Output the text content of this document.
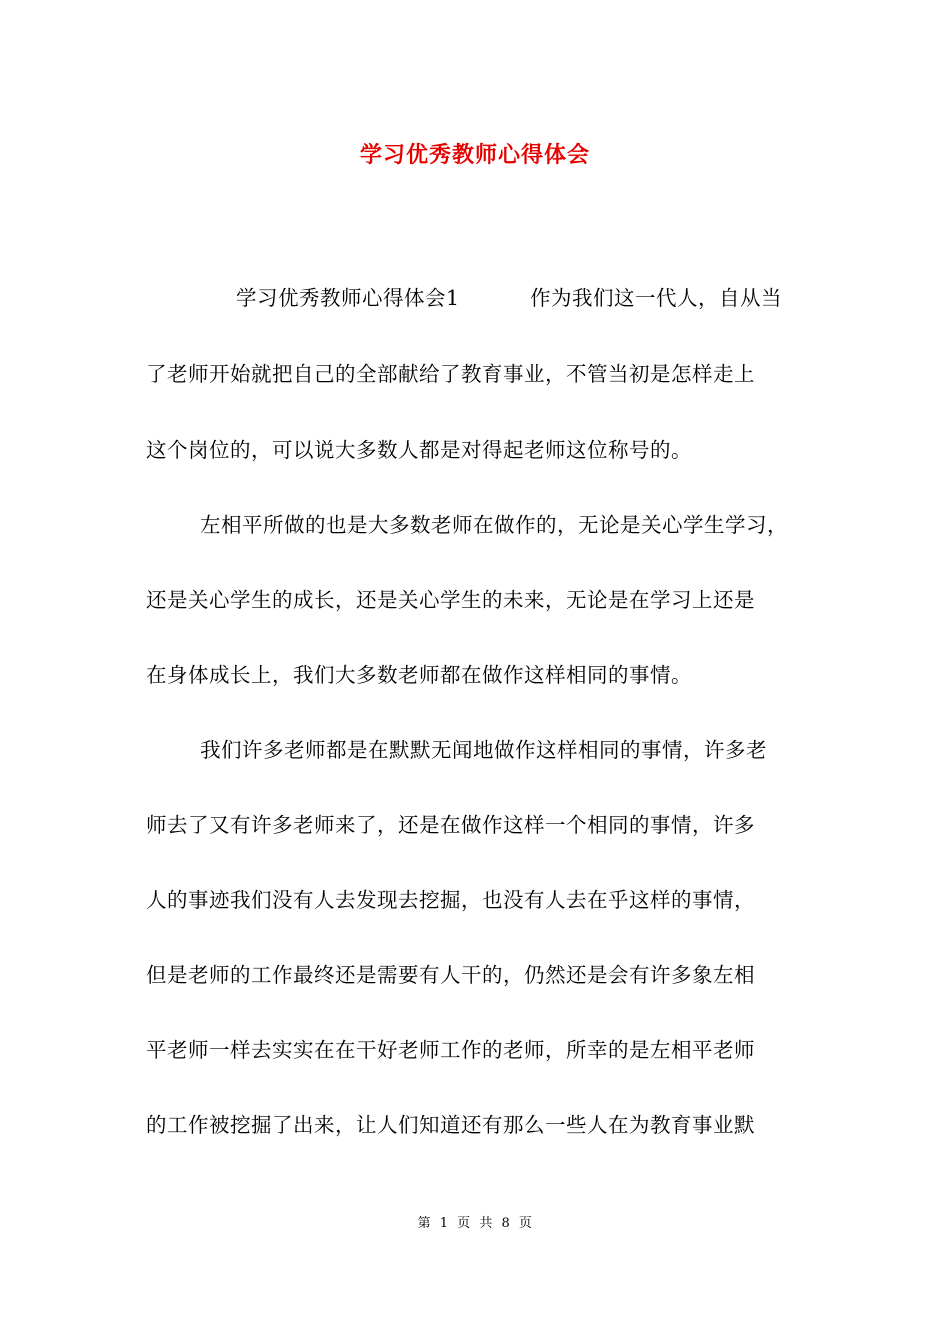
学习优秀教师心得体会
学习优秀教师心得体会1	作为我们这一代人，自从当
了老师开始就把自己的全部献给了教育事业，不管当初是怎样走上
这个岗位的，可以说大多数人都是对得起老师这位称号的。
左相平所做的也是大多数老师在做作的，无论是关心学生学习，
还是关心学生的成长，还是关心学生的未来，无论是在学习上还是
在身体成长上，我们大多数老师都在做作这样相同的事情。
我们许多老师都是在默默无闻地做作这样相同的事情，许多老
师去了又有许多老师来了，还是在做作这样一个相同的事情，许多
人的事迹我们没有人去发现去挖掘，也没有人去在乎这样的事情，
但是老师的工作最终还是需要有人干的，仍然还是会有许多象左相
平老师一样去实实在在干好老师工作的老师，所幸的是左相平老师
的工作被挖掘了出来，让人们知道还有那么一些人在为教育事业默
第 1 页 共 8 页
